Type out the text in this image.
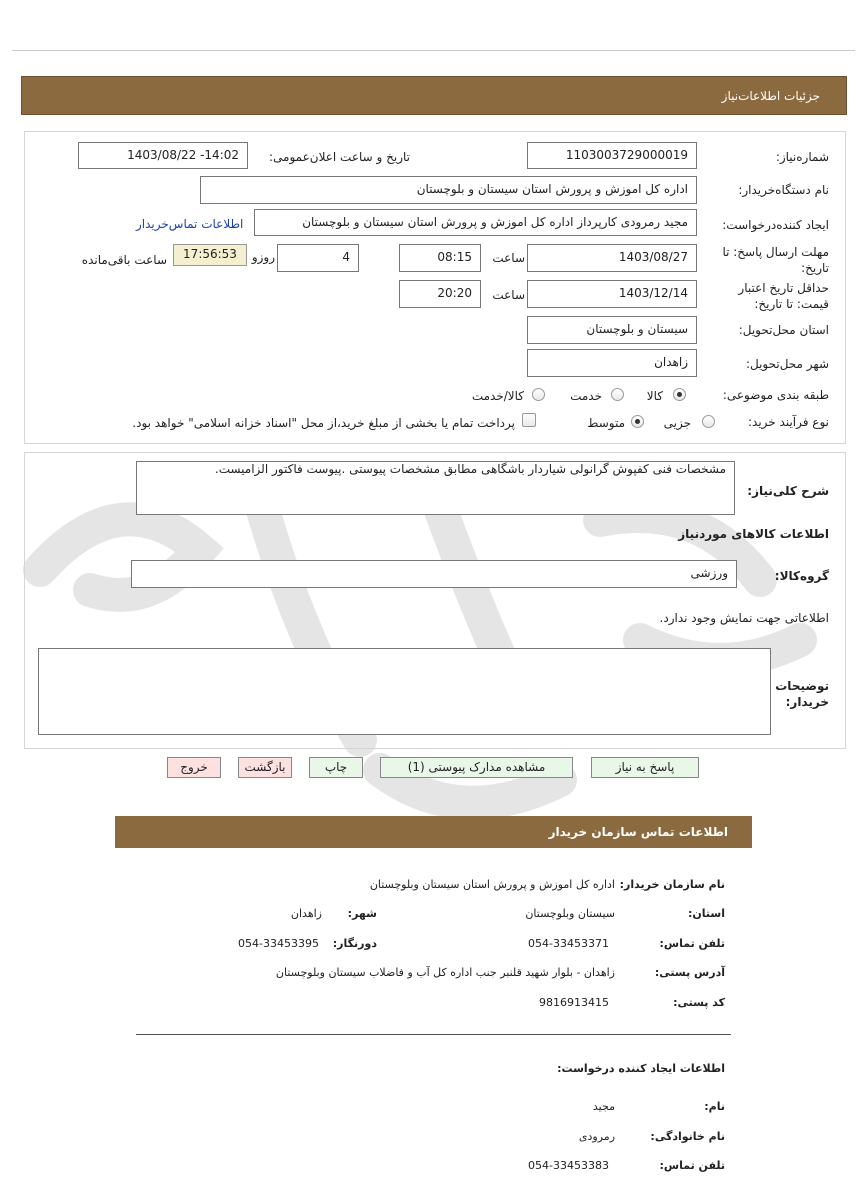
جزئیات اطلاعات‌نیاز
شماره‌نیاز:
1103003729000019
تاریخ و ساعت اعلان‌عمومی:
1403/08/22 -14:02
نام دستگاه‌خریدار:
اداره کل اموزش و پرورش استان سیستان و بلوچستان
ایجاد کننده‌درخواست:
مجید رمرودی کارپرداز اداره کل اموزش و پرورش استان سیستان و بلوچستان
اطلاعات تماس‌خریدار
مهلت ارسال پاسخ: تا تاریخ:
1403/08/27
ساعت
08:15
4
روزو
17:56:53
ساعت باقی‌مانده
حداقل تاریخ اعتبار قیمت: تا تاریخ:
1403/12/14
ساعت
20:20
استان محل‌تحویل:
سیستان و بلوچستان
شهر محل‌تحویل:
زاهدان
طبقه بندی موضوعی:
کالا
خدمت
کالا/خدمت
نوع فرآیند خرید:
جزیی
متوسط
پرداخت تمام یا بخشی از مبلغ خرید،از محل "اسناد خزانه اسلامی" خواهد بود.
شرح کلی‌نیاز:
مشخصات فنی کفپوش گرانولی شیاردار باشگاهی مطابق مشخصات پیوستی .پیوست فاکتور الزامیست.
اطلاعات کالاهای موردنیاز
گروه‌کالا:
ورزشی
اطلاعاتی جهت نمایش وجود ندارد.
توضیحات خریدار:
پاسخ به نیاز
مشاهده مدارک پیوستی (1)
چاپ
بازگشت
خروج
اطلاعات تماس سازمان خریدار
نام سازمان خریدار:
اداره کل اموزش و پرورش استان سیستان وبلوچستان
استان:
سیستان وبلوچستان
شهر:
زاهدان
تلفن تماس:
054-33453371
دورنگار:
054-33453395
آدرس پستی:
زاهدان - بلوار شهید قلنبر جنب اداره کل آب و فاضلاب سیستان وبلوچستان
کد پستی:
9816913415
اطلاعات ایجاد کننده درخواست:
نام:
مجید
نام خانوادگی:
رمرودی
تلفن تماس:
054-33453383
